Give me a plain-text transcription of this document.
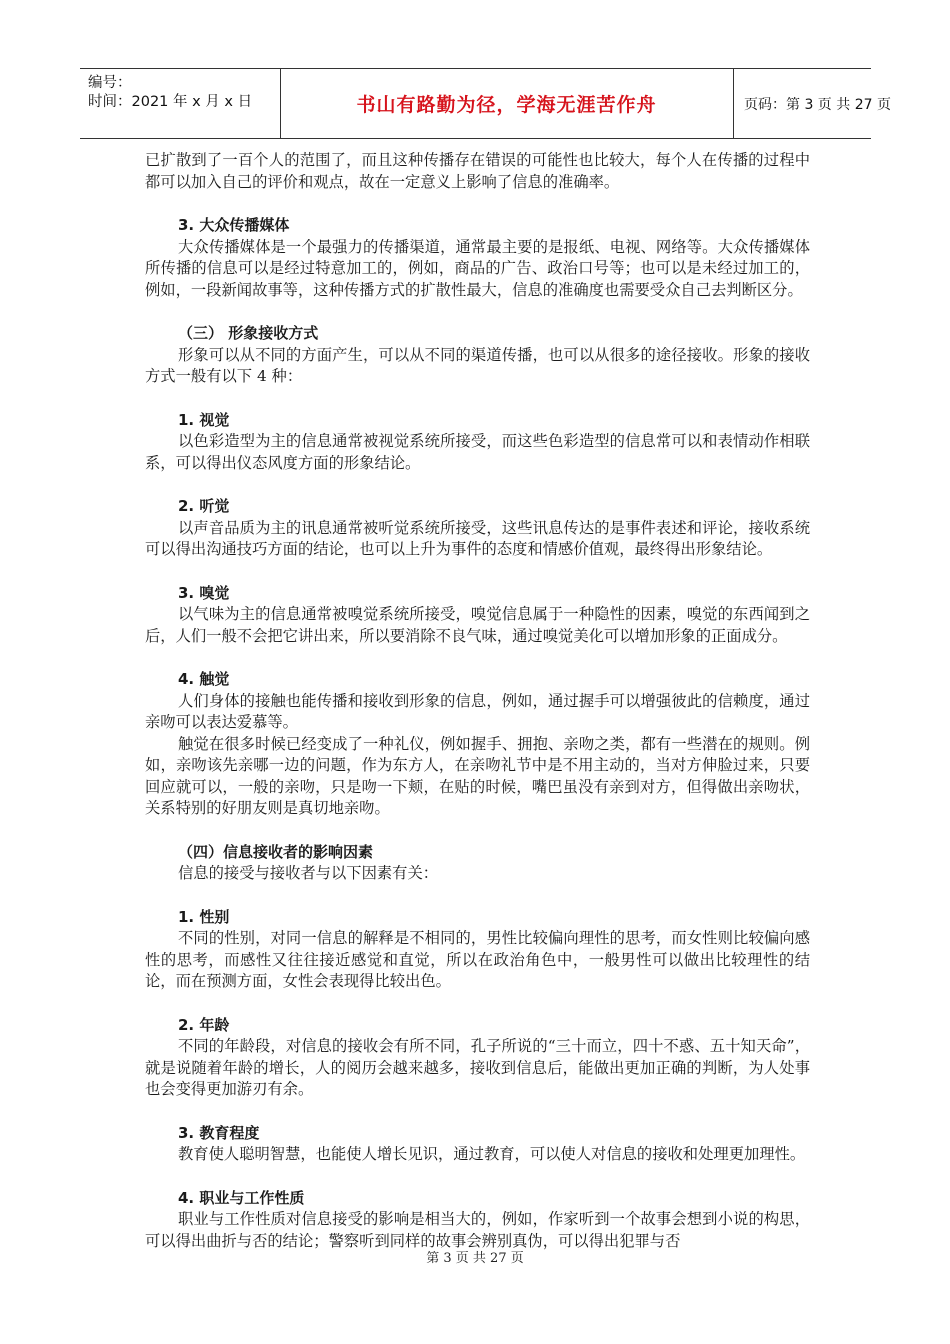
编号：
时间：2021 年 x 月 x 日	书山有路勤为径，学海无涯苦作舟	页码：第 3 页 共 27 页

已扩散到了一百个人的范围了，而且这种传播存在错误的可能性也比较大，每个人在传播的过程中都可以加入自己的评价和观点，故在一定意义上影响了信息的准确率。

3. 大众传播媒体

大众传播媒体是一个最强力的传播渠道，通常最主要的是报纸、电视、网络等。大众传播媒体所传播的信息可以是经过特意加工的，例如，商品的广告、政治口号等；也可以是未经过加工的，例如，一段新闻故事等，这种传播方式的扩散性最大，信息的准确度也需要受众自己去判断区分。

（三） 形象接收方式

形象可以从不同的方面产生，可以从不同的渠道传播，也可以从很多的途径接收。形象的接收方式一般有以下 4 种：

1. 视觉

以色彩造型为主的信息通常被视觉系统所接受，而这些色彩造型的信息常可以和表情动作相联系，可以得出仪态风度方面的形象结论。

2. 听觉

以声音品质为主的讯息通常被听觉系统所接受，这些讯息传达的是事件表述和评论，接收系统可以得出沟通技巧方面的结论，也可以上升为事件的态度和情感价值观，最终得出形象结论。

3. 嗅觉

以气味为主的信息通常被嗅觉系统所接受，嗅觉信息属于一种隐性的因素，嗅觉的东西闻到之后，人们一般不会把它讲出来，所以要消除不良气味，通过嗅觉美化可以增加形象的正面成分。

4. 触觉

人们身体的接触也能传播和接收到形象的信息，例如，通过握手可以增强彼此的信赖度，通过亲吻可以表达爱慕等。

触觉在很多时候已经变成了一种礼仪，例如握手、拥抱、亲吻之类，都有一些潜在的规则。例如，亲吻该先亲哪一边的问题，作为东方人，在亲吻礼节中是不用主动的，当对方伸脸过来，只要回应就可以，一般的亲吻，只是吻一下颊，在贴的时候，嘴巴虽没有亲到对方，但得做出亲吻状，关系特别的好朋友则是真切地亲吻。

（四）信息接收者的影响因素

信息的接受与接收者与以下因素有关：

1. 性别

不同的性别，对同一信息的解释是不相同的，男性比较偏向理性的思考，而女性则比较偏向感性的思考，而感性又往往接近感觉和直觉，所以在政治角色中，一般男性可以做出比较理性的结论，而在预测方面，女性会表现得比较出色。

2. 年龄

不同的年龄段，对信息的接收会有所不同，孔子所说的“三十而立，四十不惑、五十知天命”，就是说随着年龄的增长，人的阅历会越来越多，接收到信息后，能做出更加正确的判断，为人处事也会变得更加游刃有余。

3. 教育程度

教育使人聪明智慧，也能使人增长见识，通过教育，可以使人对信息的接收和处理更加理性。

4. 职业与工作性质

职业与工作性质对信息接受的影响是相当大的，例如，作家听到一个故事会想到小说的构思，可以得出曲折与否的结论；警察听到同样的故事会辨别真伪，可以得出犯罪与否

第 3 页 共 27 页
